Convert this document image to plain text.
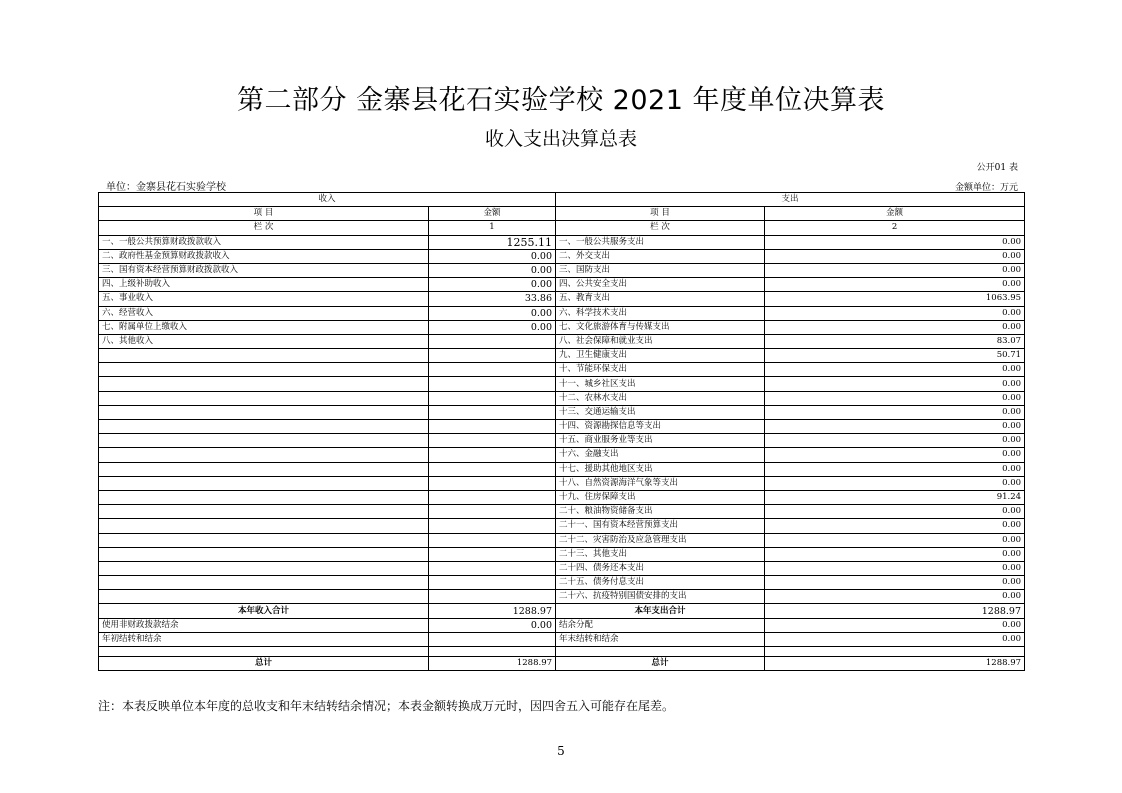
第二部分 金寨县花石实验学校 2021 年度单位决算表
收入支出决算总表
公开01 表
单位：金寨县花石实验学校	金额单位：万元
收入		支出	
项 目	金额	项 目	金额
栏 次	1	栏 次	2
一、一般公共预算财政拨款收入	1255.11	一、一般公共服务支出	0.00
二、政府性基金预算财政拨款收入	0.00	二、外交支出	0.00
三、国有资本经营预算财政拨款收入	0.00	三、国防支出	0.00
四、上级补助收入	0.00	四、公共安全支出	0.00
五、事业收入	33.86	五、教育支出	1063.95
六、经营收入	0.00	六、科学技术支出	0.00
七、附属单位上缴收入	0.00	七、文化旅游体育与传媒支出	0.00
八、其他收入		八、社会保障和就业支出	83.07
		九、卫生健康支出	50.71
		十、节能环保支出	0.00
		十一、城乡社区支出	0.00
		十二、农林水支出	0.00
		十三、交通运输支出	0.00
		十四、资源勘探信息等支出	0.00
		十五、商业服务业等支出	0.00
		十六、金融支出	0.00
		十七、援助其他地区支出	0.00
		十八、自然资源海洋气象等支出	0.00
		十九、住房保障支出	91.24
		二十、粮油物资储备支出	0.00
		二十一、国有资本经营预算支出	0.00
		二十二、灾害防治及应急管理支出	0.00
		二十三、其他支出	0.00
		二十四、债务还本支出	0.00
		二十五、债务付息支出	0.00
		二十六、抗疫特别国债安排的支出	0.00
本年收入合计	1288.97	本年支出合计	1288.97
使用非财政拨款结余	0.00	结余分配	0.00
年初结转和结余		年末结转和结余	0.00

总计	1288.97	总计	1288.97
注：本表反映单位本年度的总收支和年末结转结余情况；本表金额转换成万元时，因四舍五入可能存在尾差。
5
